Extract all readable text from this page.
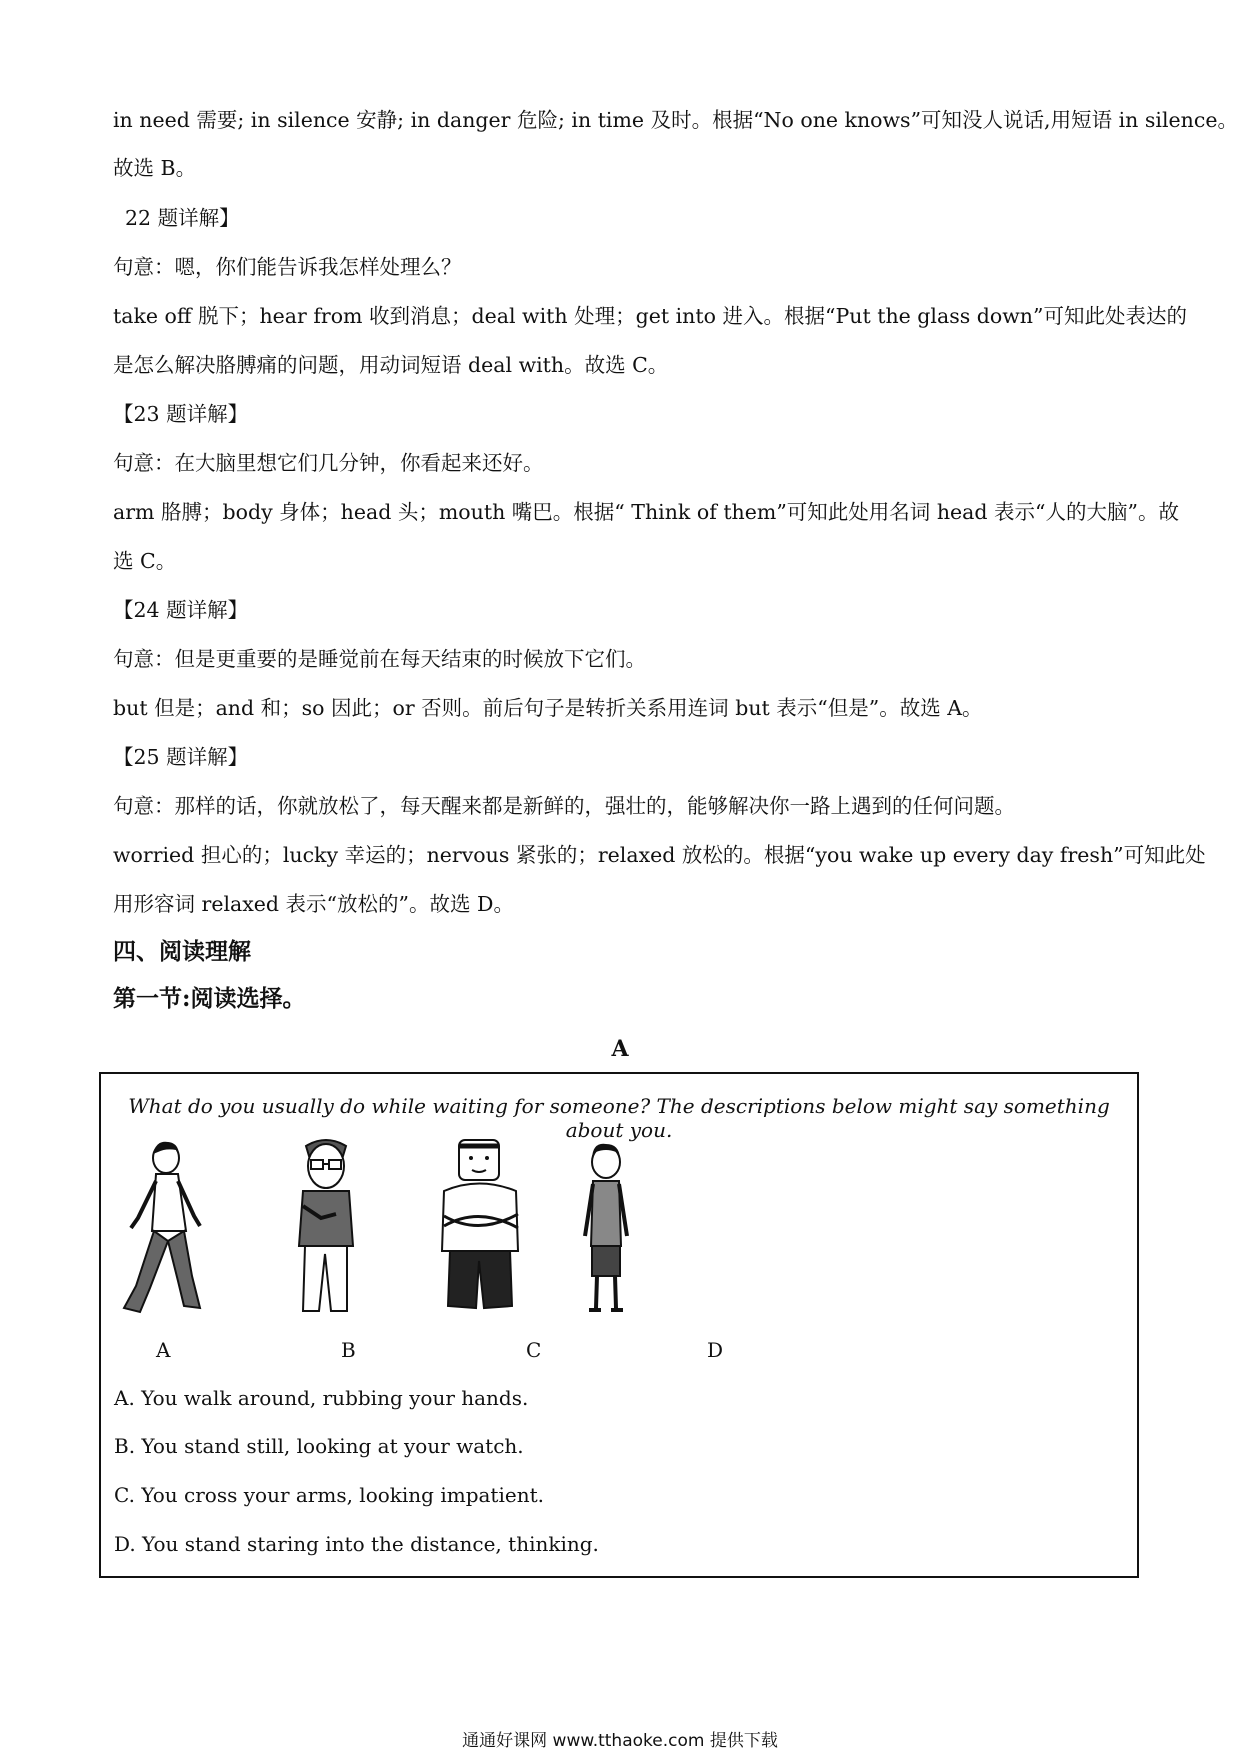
in need 需要; in silence 安静; in danger 危险; in time 及时。根据“No one knows”可知没人说话,用短语 in silence。
故选 B。
22 题详解】
句意：嗯，你们能告诉我怎样处理么？
take off 脱下；hear from 收到消息；deal with 处理；get into 进入。根据“Put the glass down”可知此处表达的
是怎么解决胳膊痛的问题，用动词短语 deal with。故选 C。
【23 题详解】
句意：在大脑里想它们几分钟，你看起来还好。
arm 胳膊；body 身体；head 头；mouth 嘴巴。根据“ Think of them”可知此处用名词 head 表示“人的大脑”。故
选 C。
【24 题详解】
句意：但是更重要的是睡觉前在每天结束的时候放下它们。
but 但是；and 和；so 因此；or 否则。前后句子是转折关系用连词 but 表示“但是”。故选 A。
【25 题详解】
句意：那样的话，你就放松了，每天醒来都是新鲜的，强壮的，能够解决你一路上遇到的任何问题。
worried 担心的；lucky 幸运的；nervous 紧张的；relaxed 放松的。根据“you wake up every day fresh”可知此处
用形容词 relaxed 表示“放松的”。故选 D。
四、阅读理解
第一节:阅读选择。
A
What do you usually do while waiting for someone? The descriptions below might say something about you.
A	B	C	D
A. You walk around, rubbing your hands.
B. You stand still, looking at your watch.
C. You cross your arms, looking impatient.
D. You stand staring into the distance, thinking.
通通好课网 www.tthaoke.com 提供下载
